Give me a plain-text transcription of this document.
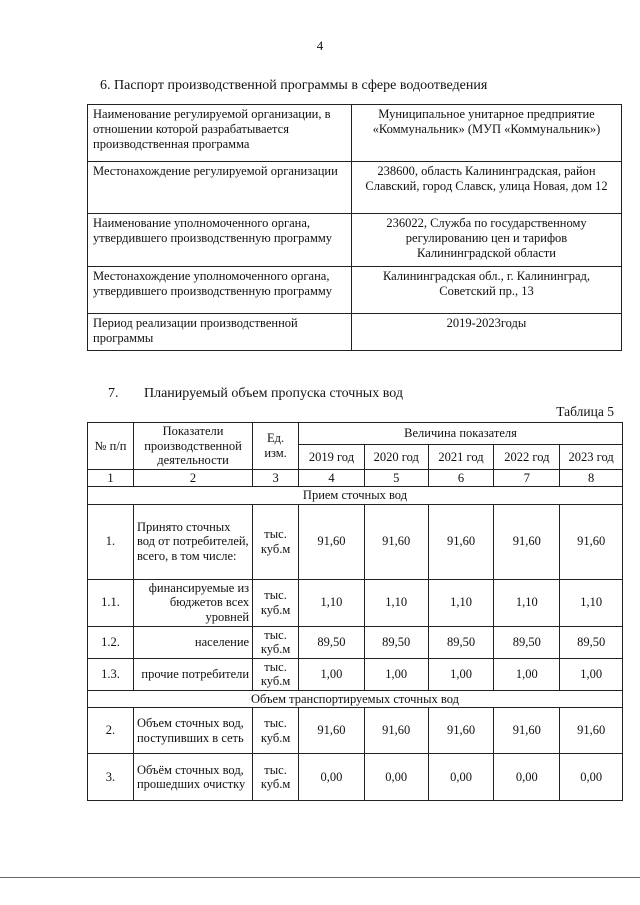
4
6. Паспорт производственной программы в сфере водоотведения
Наименование регулируемой организации, в отношении которой разрабатывается производственная программа	Муниципальное унитарное предприятие «Коммунальник» (МУП «Коммунальник»)
Местонахождение регулируемой организации	238600, область Калининградская, район Славский, город Славск, улица Новая, дом 12
Наименование уполномоченного органа, утвердившего производственную программу	236022, Служба по государственному регулированию цен и тарифов Калининградской области
Местонахождение уполномоченного органа, утвердившего производственную программу	Калининградская обл., г. Калининград, Советский пр., 13
Период реализации производственной программы	2019-2023годы
7. Планируемый объем пропуска сточных вод
Таблица 5
№ п/п	Показатели производственной деятельности	Ед. изм.	Величина показателя				
			2019 год	2020 год	2021 год	2022 год	2023 год
1	2	3	4	5	6	7	8
Прием сточных вод							
1.	Принято сточных вод от потребителей, всего, в том числе:	тыс. куб.м	91,60	91,60	91,60	91,60	91,60
1.1.	финансируемые из бюджетов всех уровней	тыс. куб.м	1,10	1,10	1,10	1,10	1,10
1.2.	население	тыс. куб.м	89,50	89,50	89,50	89,50	89,50
1.3.	прочие потребители	тыс. куб.м	1,00	1,00	1,00	1,00	1,00
Объем транспортируемых сточных вод							
2.	Объем сточных вод, поступивших в сеть	тыс. куб.м	91,60	91,60	91,60	91,60	91,60
3.	Объём сточных вод, прошедших очистку	тыс. куб.м	0,00	0,00	0,00	0,00	0,00
